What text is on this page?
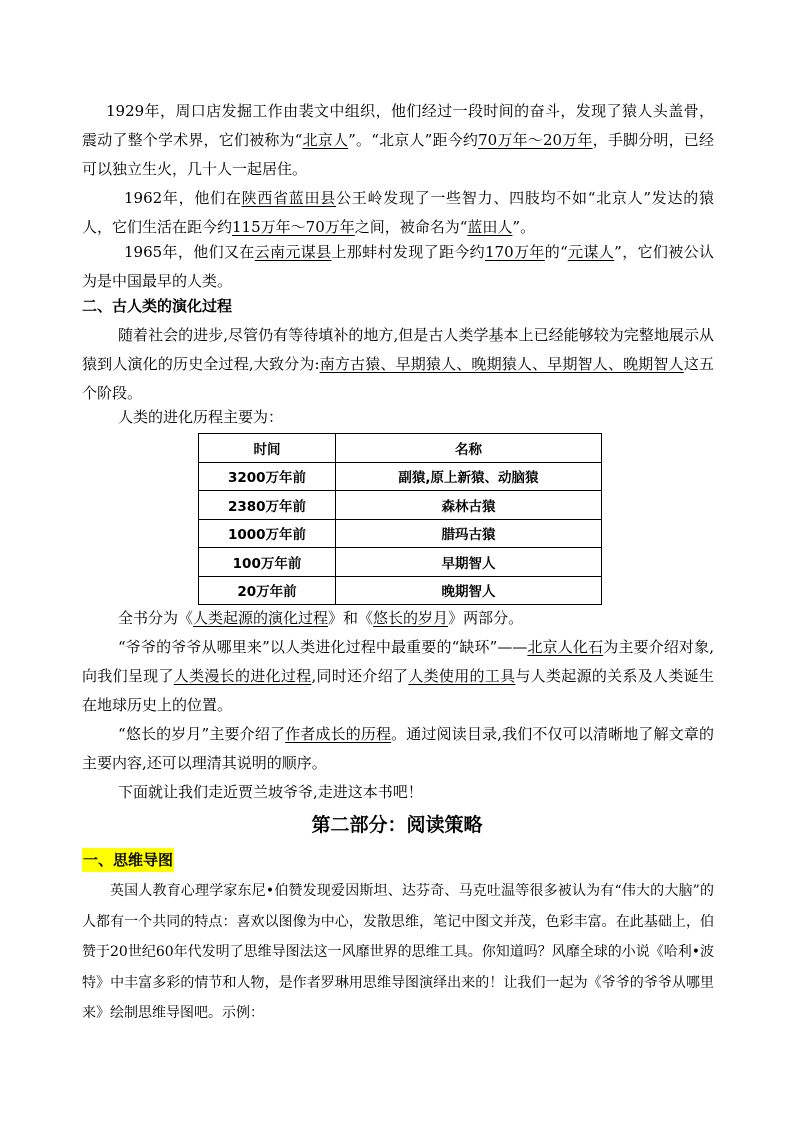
1929年，周口店发掘工作由裴文中组织，他们经过一段时间的奋斗，发现了猿人头盖骨，震动了整个学术界，它们被称为“北京人”。“北京人”距今约70万年～20万年，手脚分明，已经可以独立生火，几十人一起居住。

1962年，他们在陕西省蓝田县公王岭发现了一些智力、四肢均不如“北京人”发达的猿人，它们生活在距今约115万年～70万年之间，被命名为“蓝田人”。

1965年，他们又在云南元谋县上那蚌村发现了距今约170万年的“元谋人”，它们被公认为是中国最早的人类。

二、古人类的演化过程

随着社会的进步,尽管仍有等待填补的地方,但是古人类学基本上已经能够较为完整地展示从猿到人演化的历史全过程,大致分为:南方古猿、早期猿人、晚期猿人、早期智人、晚期智人这五个阶段。

人类的进化历程主要为：

时间	名称
3200万年前	副猿,原上新猿、动脑猿
2380万年前	森林古猿
1000万年前	腊玛古猿
100万年前	早期智人
20万年前	晚期智人

全书分为《人类起源的演化过程》和《悠长的岁月》两部分。

“爷爷的爷爷从哪里来”以人类进化过程中最重要的“缺环”——北京人化石为主要介绍对象,向我们呈现了人类漫长的进化过程,同时还介绍了人类使用的工具与人类起源的关系及人类诞生在地球历史上的位置。

“悠长的岁月”主要介绍了作者成长的历程。通过阅读目录,我们不仅可以清晰地了解文章的主要内容,还可以理清其说明的顺序。

下面就让我们走近贾兰坡爷爷,走进这本书吧！

第二部分：阅读策略

一、思维导图

英国人教育心理学家东尼•伯赞发现爱因斯坦、达芬奇、马克吐温等很多被认为有“伟大的大脑”的人都有一个共同的特点：喜欢以图像为中心，发散思维，笔记中图文并茂，色彩丰富。在此基础上，伯赞于20世纪60年代发明了思维导图法这一风靡世界的思维工具。你知道吗？风靡全球的小说《哈利•波特》中丰富多彩的情节和人物，是作者罗琳用思维导图演绎出来的！让我们一起为《爷爷的爷爷从哪里来》绘制思维导图吧。示例：
